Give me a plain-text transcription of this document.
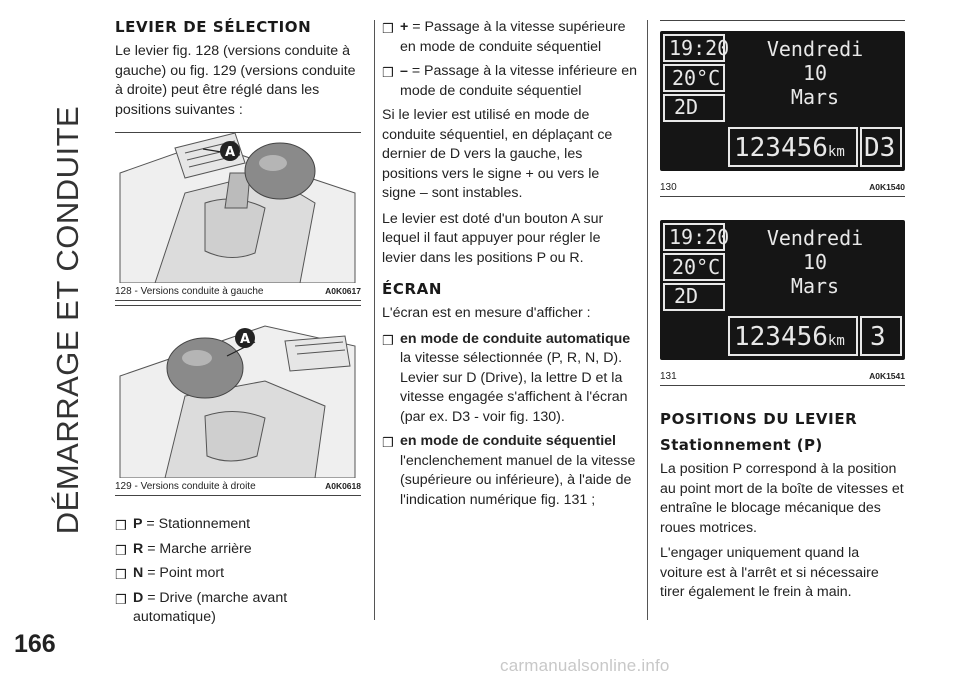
DÉMARRAGE ET CONDUITE
166
carmanualsonline.info
LEVIER DE SÉLECTION

Le levier fig. 128 (versions conduite à gauche) ou fig. 129 (versions conduite à droite) peut être réglé dans les positions suivantes :

A
128 - Versions conduite à gauche	A0K0617
A
129 - Versions conduite à droite	A0K0618
❒ P = Stationnement
❒ R = Marche arrière
❒ N = Point mort
❒ D = Drive (marche avant automatique)
❒ + = Passage à la vitesse supérieure en mode de conduite séquentiel
❒ – = Passage à la vitesse inférieure en mode de conduite séquentiel

Si le levier est utilisé en mode de conduite séquentiel, en déplaçant ce dernier de D vers la gauche, les positions vers le signe + ou vers le signe – sont instables.

Le levier est doté d'un bouton A sur lequel il faut appuyer pour régler le levier dans les positions P ou R.

ÉCRAN

L'écran est en mesure d'afficher :

❒ en mode de conduite automatique la vitesse sélectionnée (P, R, N, D). Levier sur D (Drive), la lettre D et la vitesse engagée s'affichent à l'écran (par ex. D3 - voir fig. 130).
❒ en mode de conduite séquentiel l'enclenchement manuel de la vitesse (supérieure ou inférieure), à l'aide de l'indication numérique fig. 131 ;
19:20
20°C
2D
Vendredi
10
Mars
123456km D3
130	A0K1540
19:20
20°C
2D
Vendredi
10
Mars
123456km 3
131	A0K1541
POSITIONS DU LEVIER
Stationnement (P)

La position P correspond à la position au point mort de la boîte de vitesses et entraîne le blocage mécanique des roues motrices.

L'engager uniquement quand la voiture est à l'arrêt et si nécessaire tirer également le frein à main.
